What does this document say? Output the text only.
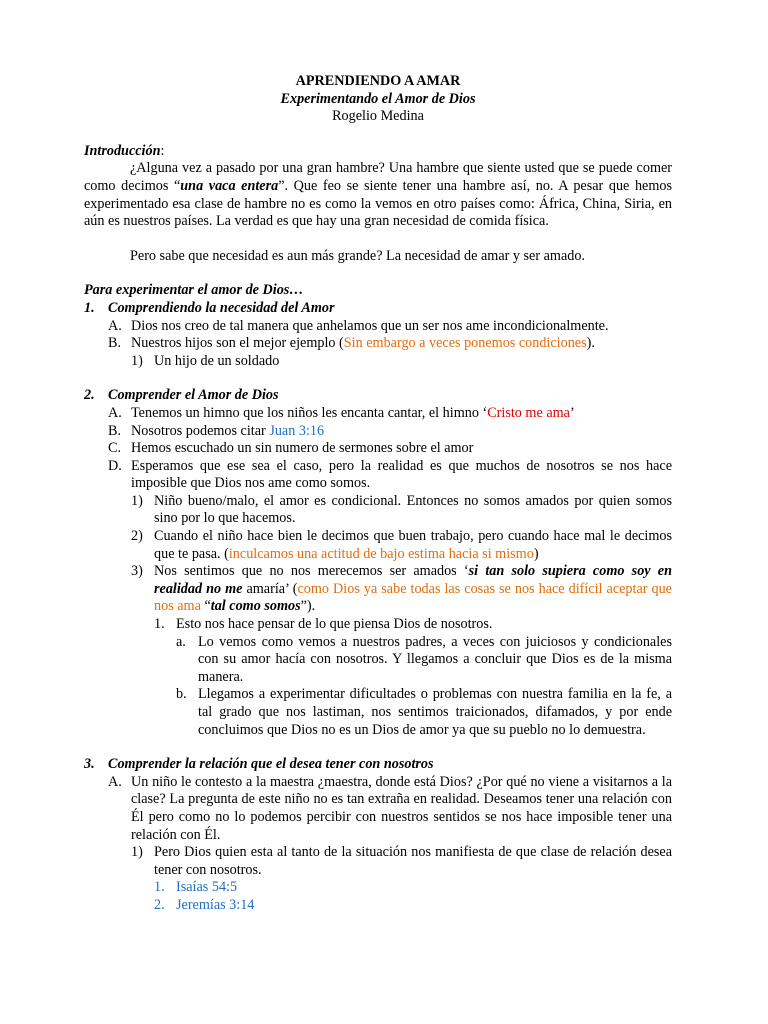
APRENDIENDO A AMAR

Experimentando el Amor de Dios

Rogelio Medina

Introducción:

¿Alguna vez a pasado por una gran hambre? Una hambre que siente usted que se puede comer como decimos “una vaca entera”. Que feo se siente tener una hambre así, no. A pesar que hemos experimentado esa clase de hambre no es como la vemos en otro países como: África, China, Siria, en aún es nuestros países. La verdad es que hay una gran necesidad de comida física.

Pero sabe que necesidad es aun más grande? La necesidad de amar y ser amado.

Para experimentar el amor de Dios…

1. Comprendiendo la necesidad del Amor
A. Dios nos creo de tal manera que anhelamos que un ser nos ame incondicionalmente.
B. Nuestros hijos son el mejor ejemplo (Sin embargo a veces ponemos condiciones).
1) Un hijo de un soldado
2. Comprender el Amor de Dios
A. Tenemos un himno que los niños les encanta cantar, el himno ‘Cristo me ama’
B. Nosotros podemos citar Juan 3:16
C. Hemos escuchado un sin numero de sermones sobre el amor
D. Esperamos que ese sea el caso, pero la realidad es que muchos de nosotros se nos hace imposible que Dios nos ame como somos.
1) Niño bueno/malo, el amor es condicional. Entonces no somos amados por quien somos sino por lo que hacemos.
2) Cuando el niño hace bien le decimos que buen trabajo, pero cuando hace mal le decimos que te pasa. (inculcamos una actitud de bajo estima hacia si mismo)
3) Nos sentimos que no nos merecemos ser amados ‘si tan solo supiera como soy en realidad no me amaría’ (como Dios ya sabe todas las cosas se nos hace difícil aceptar que nos ama “tal como somos”).
1. Esto nos hace pensar de lo que piensa Dios de nosotros.
a. Lo vemos como vemos a nuestros padres, a veces con juiciosos y condicionales con su amor hacía con nosotros. Y llegamos a concluir que Dios es de la misma manera.
b. Llegamos a experimentar dificultades o problemas con nuestra familia en la fe, a tal grado que nos lastiman, nos sentimos traicionados, difamados, y por ende concluimos que Dios no es un Dios de amor ya que su pueblo no lo demuestra.
3. Comprender la relación que el desea tener con nosotros
A. Un niño le contesto a la maestra ¿maestra, donde está Dios? ¿Por qué no viene a visitarnos a la clase? La pregunta de este niño no es tan extraña en realidad. Deseamos tener una relación con Él pero como no lo podemos percibir con nuestros sentidos se nos hace imposible tener una relación con Él.
1) Pero Dios quien esta al tanto de la situación nos manifiesta de que clase de relación desea tener con nosotros.
1. Isaías 54:5
2. Jeremías 3:14
